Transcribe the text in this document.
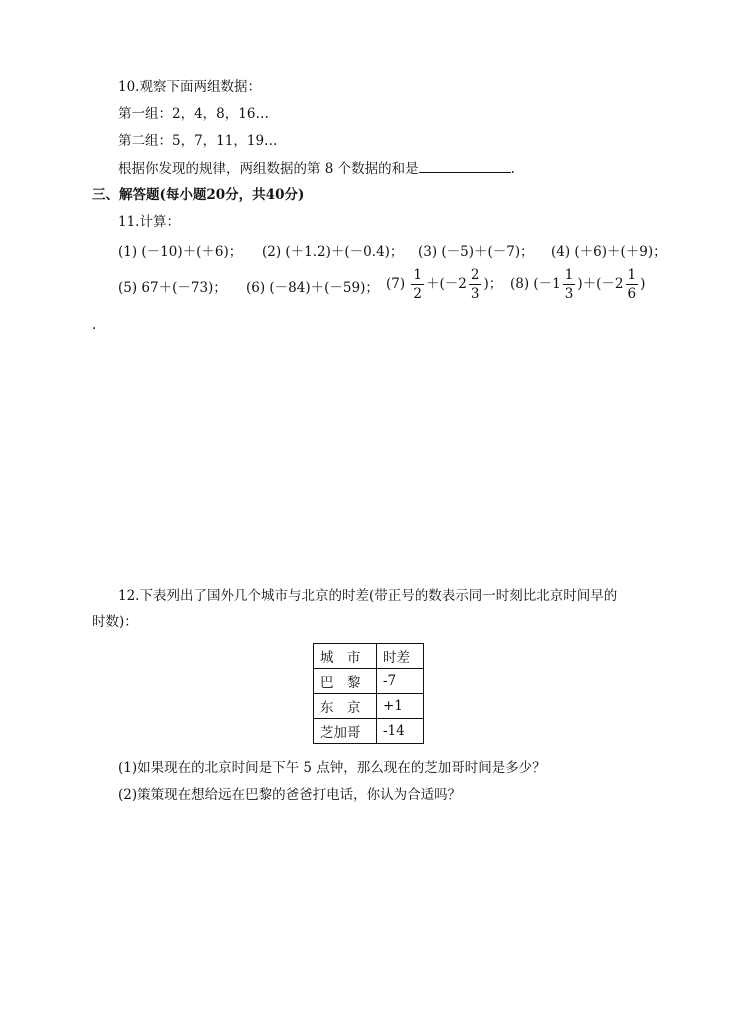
10.观察下面两组数据：
第一组：2，4，8，16…
第二组：5，7，11，19…
根据你发现的规律，两组数据的第 8 个数据的和是	.
三、解答题(每小题20分，共40分)
11.计算：
(1) (－10)＋(＋6)； (2) (＋1.2)＋(－0.4)； (3) (－5)＋(－7)； (4) (＋6)＋(＋9)；
(5) 67＋(－73)； (6) (－84)＋(－59)； $(7) \frac{1}{2} +(-2 \frac{2}{3}$ )； (8) $(-1 \frac{1}{3} )+(-2 \frac{1}{6}$ )
.
12.下表列出了国外几个城市与北京的时差(带正号的数表示同一时刻比北京时间早的
时数)：
城　市	时差
巴　黎	-7
东　京	+1
芝加哥	-14
(1)如果现在的北京时间是下午 5 点钟，那么现在的芝加哥时间是多少？
(2)策策现在想给远在巴黎的爸爸打电话，你认为合适吗？
